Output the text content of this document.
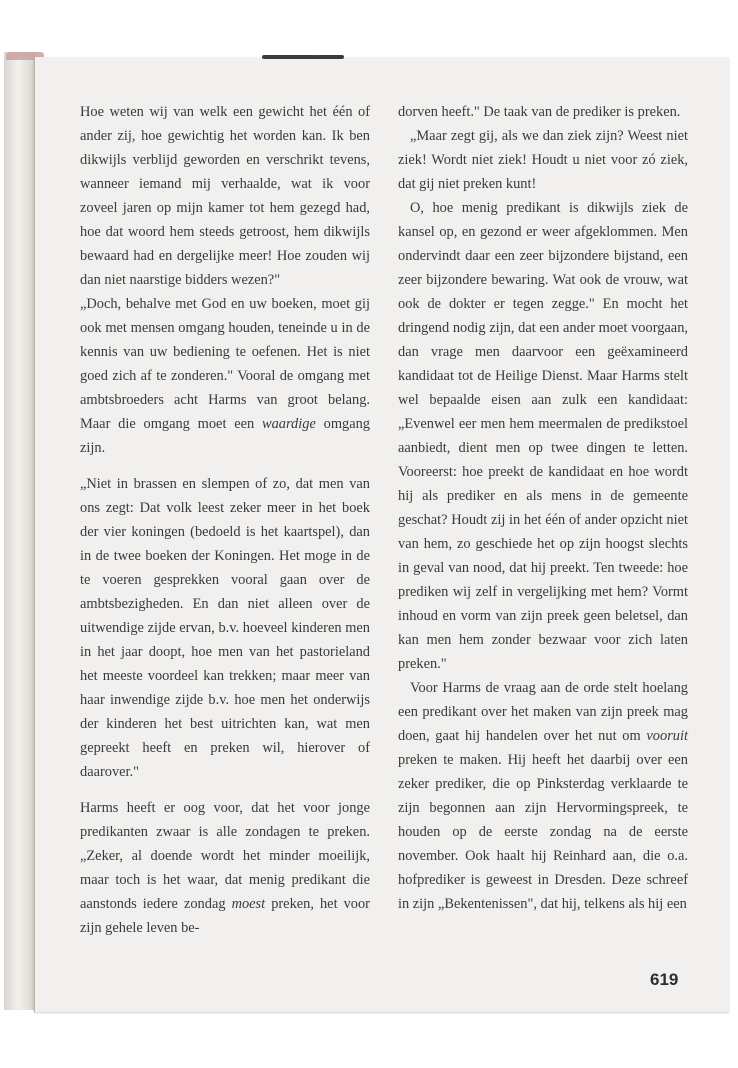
Hoe weten wij van welk een gewicht het één of ander zij, hoe gewichtig het worden kan. Ik ben dikwijls verblijd geworden en verschrikt tevens, wanneer iemand mij verhaalde, wat ik voor zoveel jaren op mijn kamer tot hem gezegd had, hoe dat woord hem steeds getroost, hem dikwijls bewaard had en dergelijke meer! Hoe zouden wij dan niet naarstige bidders wezen?"

„Doch, behalve met God en uw boeken, moet gij ook met mensen omgang houden, teneinde u in de kennis van uw bediening te oefenen. Het is niet goed zich af te zonderen." Vooral de omgang met ambtsbroeders acht Harms van groot belang. Maar die omgang moet een waardige omgang zijn.

„Niet in brassen en slempen of zo, dat men van ons zegt: Dat volk leest zeker meer in het boek der vier koningen (bedoeld is het kaartspel), dan in de twee boeken der Koningen. Het moge in de te voeren gesprekken vooral gaan over de ambtsbezigheden. En dan niet alleen over de uitwendige zijde ervan, b.v. hoeveel kinderen men in het jaar doopt, hoe men van het pastorieland het meeste voordeel kan trekken; maar meer van haar inwendige zijde b.v. hoe men het onderwijs der kinderen het best uitrichten kan, wat men gepreekt heeft en preken wil, hierover of daarover."

Harms heeft er oog voor, dat het voor jonge predikanten zwaar is alle zondagen te preken. „Zeker, al doende wordt het minder moeilijk, maar toch is het waar, dat menig predikant die aanstonds iedere zondag moest preken, het voor zijn gehele leven be-

dorven heeft." De taak van de prediker is preken.

„Maar zegt gij, als we dan ziek zijn? Weest niet ziek! Wordt niet ziek! Houdt u niet voor zó ziek, dat gij niet preken kunt!

O, hoe menig predikant is dikwijls ziek de kansel op, en gezond er weer afgeklommen. Men ondervindt daar een zeer bijzondere bijstand, een zeer bijzondere bewaring. Wat ook de vrouw, wat ook de dokter er tegen zegge." En mocht het dringend nodig zijn, dat een ander moet voorgaan, dan vrage men daarvoor een geëxamineerd kandidaat tot de Heilige Dienst. Maar Harms stelt wel bepaalde eisen aan zulk een kandidaat: „Evenwel eer men hem meermalen de predikstoel aanbiedt, dient men op twee dingen te letten. Vooreerst: hoe preekt de kandidaat en hoe wordt hij als prediker en als mens in de gemeente geschat? Houdt zij in het één of ander opzicht niet van hem, zo geschiede het op zijn hoogst slechts in geval van nood, dat hij preekt. Ten tweede: hoe prediken wij zelf in vergelijking met hem? Vormt inhoud en vorm van zijn preek geen beletsel, dan kan men hem zonder bezwaar voor zich laten preken."

Voor Harms de vraag aan de orde stelt hoelang een predikant over het maken van zijn preek mag doen, gaat hij handelen over het nut om vooruit preken te maken. Hij heeft het daarbij over een zeker prediker, die op Pinksterdag verklaarde te zijn begonnen aan zijn Hervormingspreek, te houden op de eerste zondag na de eerste november. Ook haalt hij Reinhard aan, die o.a. hofprediker is geweest in Dresden. Deze schreef in zijn „Bekentenissen", dat hij, telkens als hij een

619
